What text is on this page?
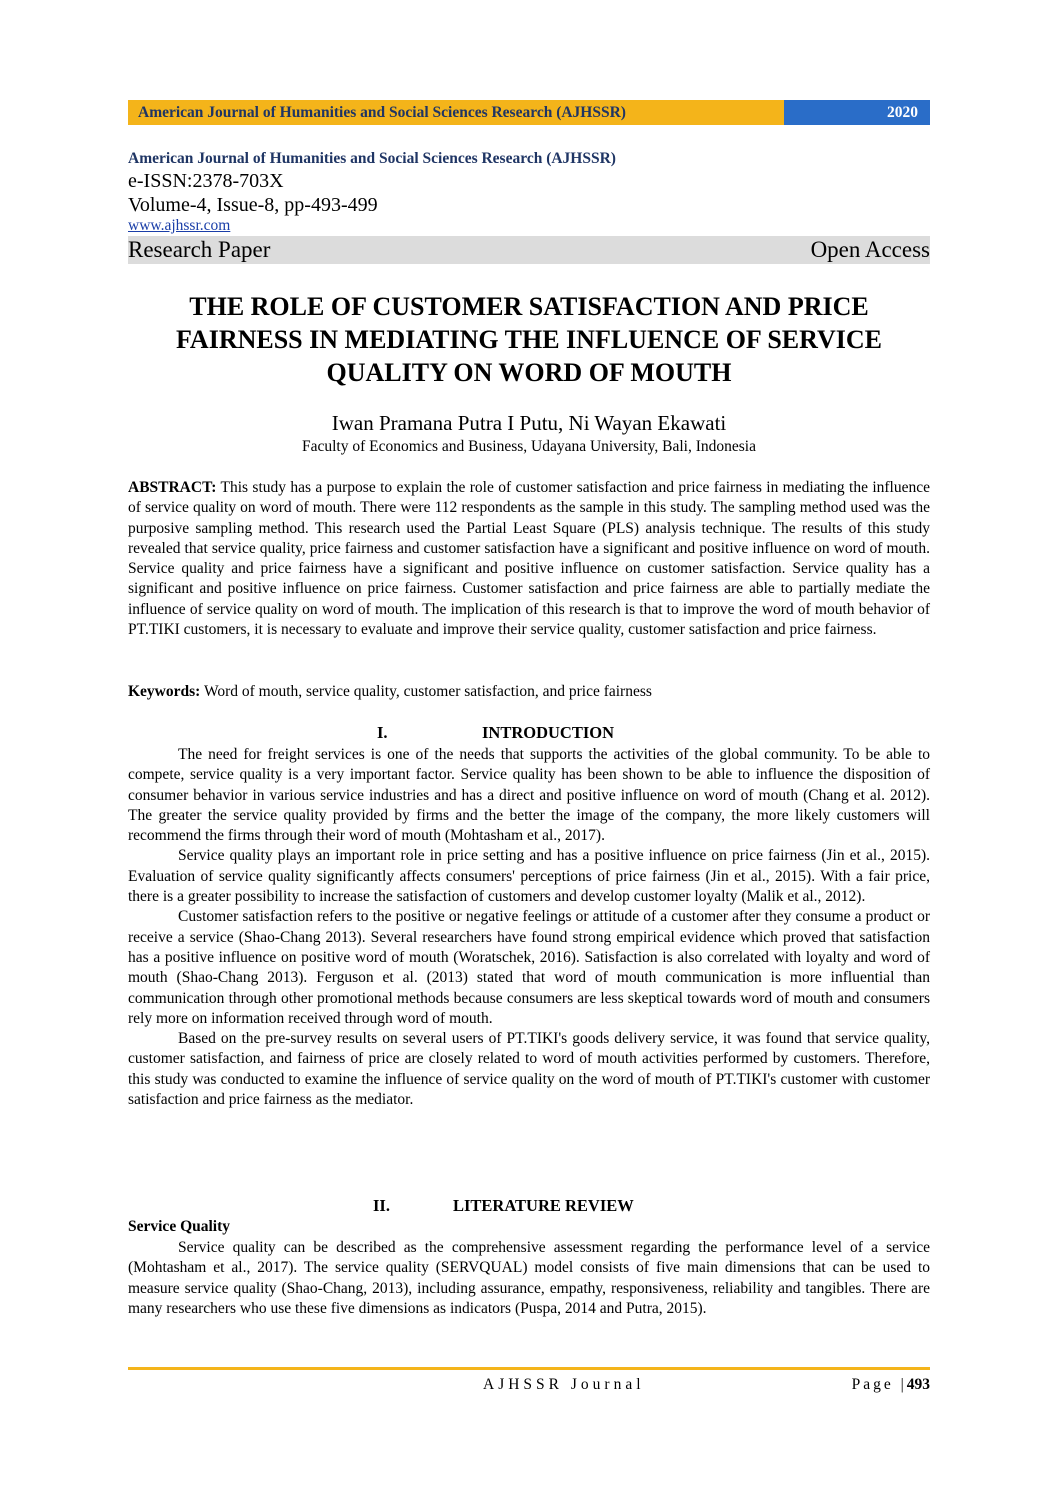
American Journal of Humanities and Social Sciences Research (AJHSSR)	2020
American Journal of Humanities and Social Sciences Research (AJHSSR)
e-ISSN:2378-703X
Volume-4, Issue-8, pp-493-499
www.ajhssr.com
Research Paper	Open Access
THE ROLE OF CUSTOMER SATISFACTION AND PRICE FAIRNESS IN MEDIATING THE INFLUENCE OF SERVICE QUALITY ON WORD OF MOUTH
Iwan Pramana Putra I Putu, Ni Wayan Ekawati
Faculty of Economics and Business, Udayana University, Bali, Indonesia

ABSTRACT: This study has a purpose to explain the role of customer satisfaction and price fairness in mediating the influence of service quality on word of mouth. There were 112 respondents as the sample in this study. The sampling method used was the purposive sampling method. This research used the Partial Least Square (PLS) analysis technique. The results of this study revealed that service quality, price fairness and customer satisfaction have a significant and positive influence on word of mouth. Service quality and price fairness have a significant and positive influence on customer satisfaction. Service quality has a significant and positive influence on price fairness. Customer satisfaction and price fairness are able to partially mediate the influence of service quality on word of mouth. The implication of this research is that to improve the word of mouth behavior of PT.TIKI customers, it is necessary to evaluate and improve their service quality, customer satisfaction and price fairness.

Keywords: Word of mouth, service quality, customer satisfaction, and price fairness
I.	INTRODUCTION

The need for freight services is one of the needs that supports the activities of the global community. To be able to compete, service quality is a very important factor. Service quality has been shown to be able to influence the disposition of consumer behavior in various service industries and has a direct and positive influence on word of mouth (Chang et al. 2012). The greater the service quality provided by firms and the better the image of the company, the more likely customers will recommend the firms through their word of mouth (Mohtasham et al., 2017).

Service quality plays an important role in price setting and has a positive influence on price fairness (Jin et al., 2015). Evaluation of service quality significantly affects consumers' perceptions of price fairness (Jin et al., 2015). With a fair price, there is a greater possibility to increase the satisfaction of customers and develop customer loyalty (Malik et al., 2012).

Customer satisfaction refers to the positive or negative feelings or attitude of a customer after they consume a product or receive a service (Shao-Chang 2013). Several researchers have found strong empirical evidence which proved that satisfaction has a positive influence on positive word of mouth (Woratschek, 2016). Satisfaction is also correlated with loyalty and word of mouth (Shao-Chang 2013). Ferguson et al. (2013) stated that word of mouth communication is more influential than communication through other promotional methods because consumers are less skeptical towards word of mouth and consumers rely more on information received through word of mouth.

Based on the pre-survey results on several users of PT.TIKI's goods delivery service, it was found that service quality, customer satisfaction, and fairness of price are closely related to word of mouth activities performed by customers. Therefore, this study was conducted to examine the influence of service quality on the word of mouth of PT.TIKI's customer with customer satisfaction and price fairness as the mediator.

II.	LITERATURE REVIEW
Service Quality

Service quality can be described as the comprehensive assessment regarding the performance level of a service (Mohtasham et al., 2017). The service quality (SERVQUAL) model consists of five main dimensions that can be used to measure service quality (Shao-Chang, 2013), including assurance, empathy, responsiveness, reliability and tangibles. There are many researchers who use these five dimensions as indicators (Puspa, 2014 and Putra, 2015).

AJHSSR Journal	Page |493
